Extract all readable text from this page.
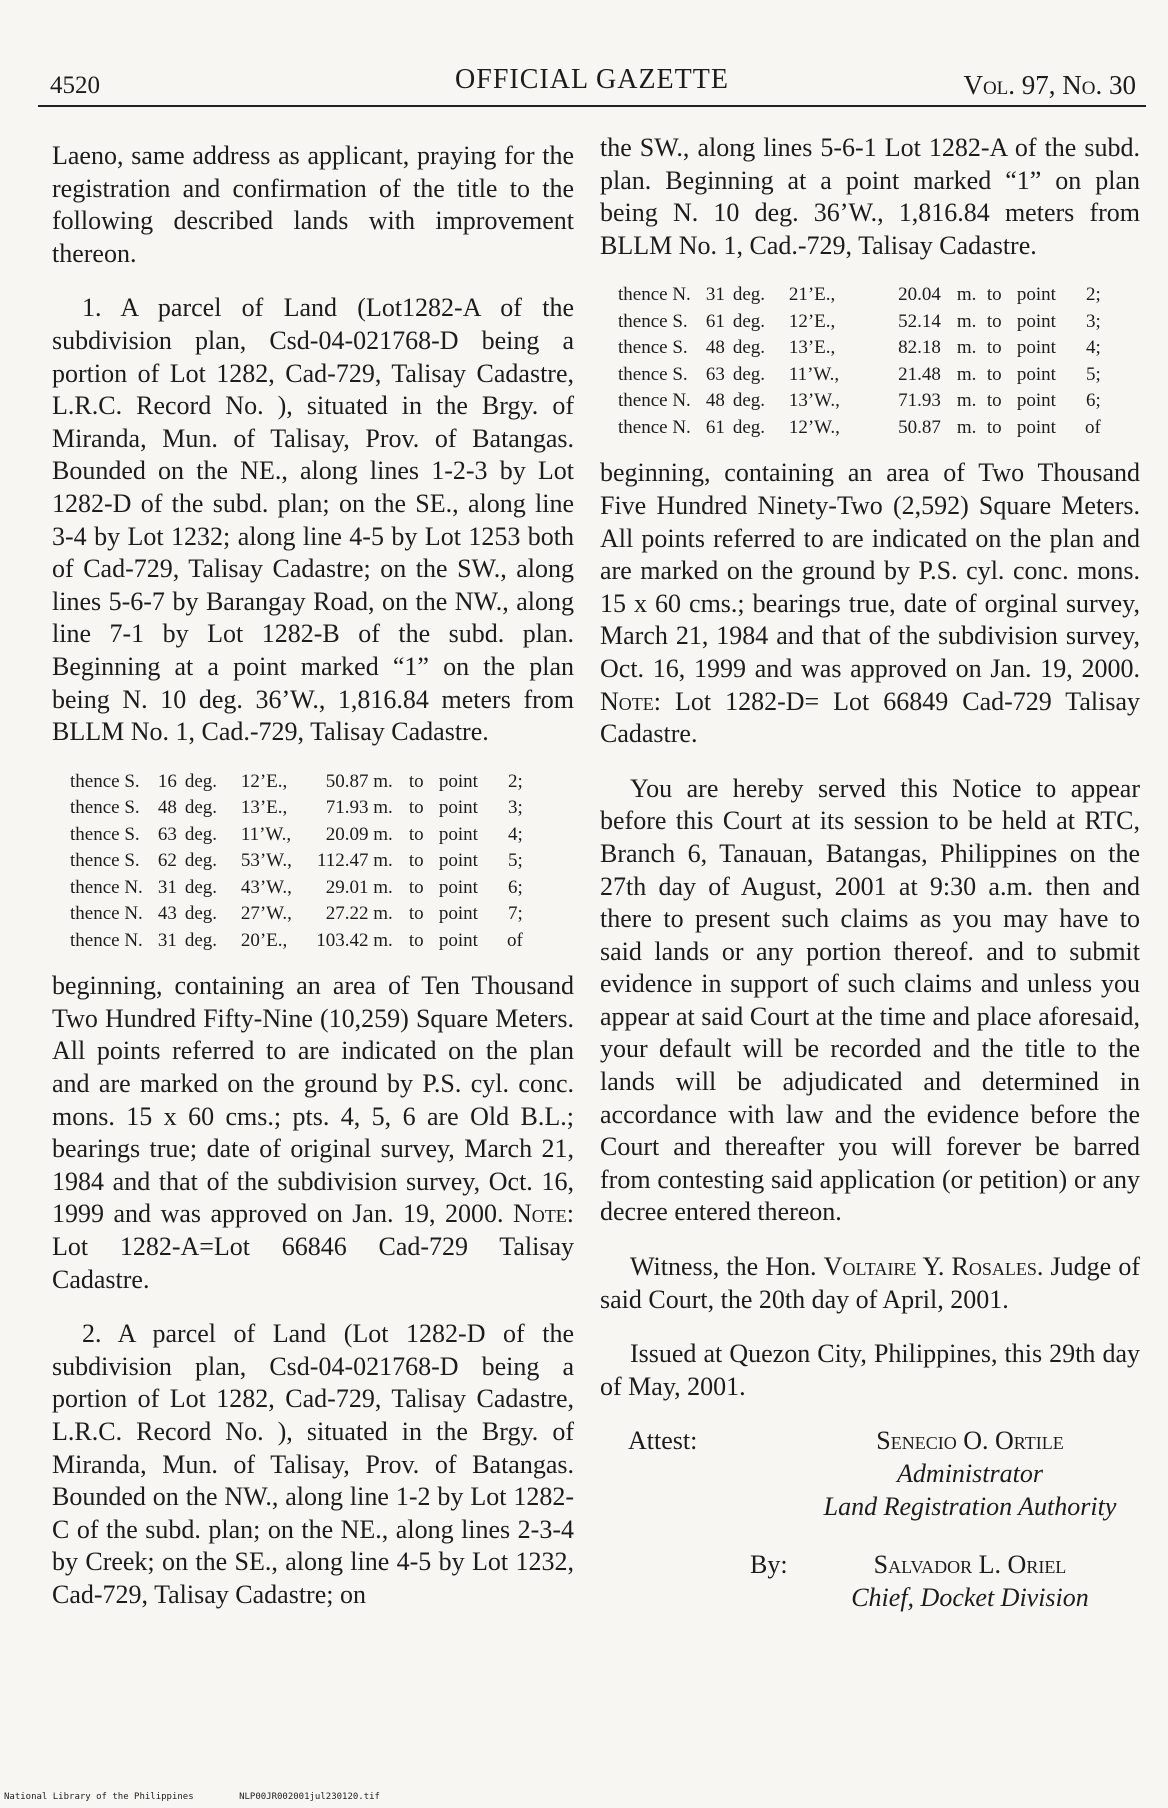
4520	OFFICIAL GAZETTE	Vol. 97, No. 30

Laeno, same address as applicant, praying for the registration and confirmation of the title to the following described lands with improvement thereon.

1. A parcel of Land (Lot1282-A of the subdivision plan, Csd-04-021768-D being a portion of Lot 1282, Cad-729, Talisay Cadastre, L.R.C. Record No. ), situated in the Brgy. of Miranda, Mun. of Talisay, Prov. of Batangas. Bounded on the NE., along lines 1-2-3 by Lot 1282-D of the subd. plan; on the SE., along line 3-4 by Lot 1232; along line 4-5 by Lot 1253 both of Cad-729, Talisay Cadastre; on the SW., along lines 5-6-7 by Barangay Road, on the NW., along line 7-1 by Lot 1282-B of the subd. plan. Beginning at a point marked “1” on the plan being N. 10 deg. 36’W., 1,816.84 meters from BLLM No. 1, Cad.-729, Talisay Cadastre.

thence S.	16	deg.	12’E.,	50.87 m.	to	point	2;
thence S.	48	deg.	13’E.,	71.93 m.	to	point	3;
thence S.	63	deg.	11’W.,	20.09 m.	to	point	4;
thence S.	62	deg.	53’W.,	112.47 m.	to	point	5;
thence N.	31	deg.	43’W.,	29.01 m.	to	point	6;
thence N.	43	deg.	27’W.,	27.22 m.	to	point	7;
thence N.	31	deg.	20’E.,	103.42 m.	to	point	of

beginning, containing an area of Ten Thousand Two Hundred Fifty-Nine (10,259) Square Meters. All points referred to are indicated on the plan and are marked on the ground by P.S. cyl. conc. mons. 15 x 60 cms.; pts. 4, 5, 6 are Old B.L.; bearings true; date of original survey, March 21, 1984 and that of the subdivision survey, Oct. 16, 1999 and was approved on Jan. 19, 2000. Note: Lot 1282-A=Lot 66846 Cad-729 Talisay Cadastre.

2. A parcel of Land (Lot 1282-D of the subdivision plan, Csd-04-021768-D being a portion of Lot 1282, Cad-729, Talisay Cadastre, L.R.C. Record No. ), situated in the Brgy. of Miranda, Mun. of Talisay, Prov. of Batangas. Bounded on the NW., along line 1-2 by Lot 1282-C of the subd. plan; on the NE., along lines 2-3-4 by Creek; on the SE., along line 4-5 by Lot 1232, Cad-729, Talisay Cadastre; on

the SW., along lines 5-6-1 Lot 1282-A of the subd. plan. Beginning at a point marked “1” on plan being N. 10 deg. 36’W., 1,816.84 meters from BLLM No. 1, Cad.-729, Talisay Cadastre.

thence N.	31	deg.	21’E.,	20.04	m.	to	point	2;
thence S.	61	deg.	12’E.,	52.14	m.	to	point	3;
thence S.	48	deg.	13’E.,	82.18	m.	to	point	4;
thence S.	63	deg.	11’W.,	21.48	m.	to	point	5;
thence N.	48	deg.	13’W.,	71.93	m.	to	point	6;
thence N.	61	deg.	12’W.,	50.87	m.	to	point	of

beginning, containing an area of Two Thousand Five Hundred Ninety-Two (2,592) Square Meters. All points referred to are indicated on the plan and are marked on the ground by P.S. cyl. conc. mons. 15 x 60 cms.; bearings true, date of orginal survey, March 21, 1984 and that of the subdivision survey, Oct. 16, 1999 and was approved on Jan. 19, 2000. Note: Lot 1282-D= Lot 66849 Cad-729 Talisay Cadastre.

You are hereby served this Notice to appear before this Court at its session to be held at RTC, Branch 6, Tanauan, Batangas, Philippines on the 27th day of August, 2001 at 9:30 a.m. then and there to present such claims as you may have to said lands or any portion thereof. and to submit evidence in support of such claims and unless you appear at said Court at the time and place aforesaid, your default will be recorded and the title to the lands will be adjudicated and determined in accordance with law and the evidence before the Court and thereafter you will forever be barred from contesting said application (or petition) or any decree entered thereon.

Witness, the Hon. Voltaire Y. Rosales. Judge of said Court, the 20th day of April, 2001.

Issued at Quezon City, Philippines, this 29th day of May, 2001.

Attest:	Senecio O. Ortile
Administrator
Land Registration Authority
By:	Salvador L. Oriel
Chief, Docket Division
National Library of the Philippines	NLP00JR002001jul230120.tif
